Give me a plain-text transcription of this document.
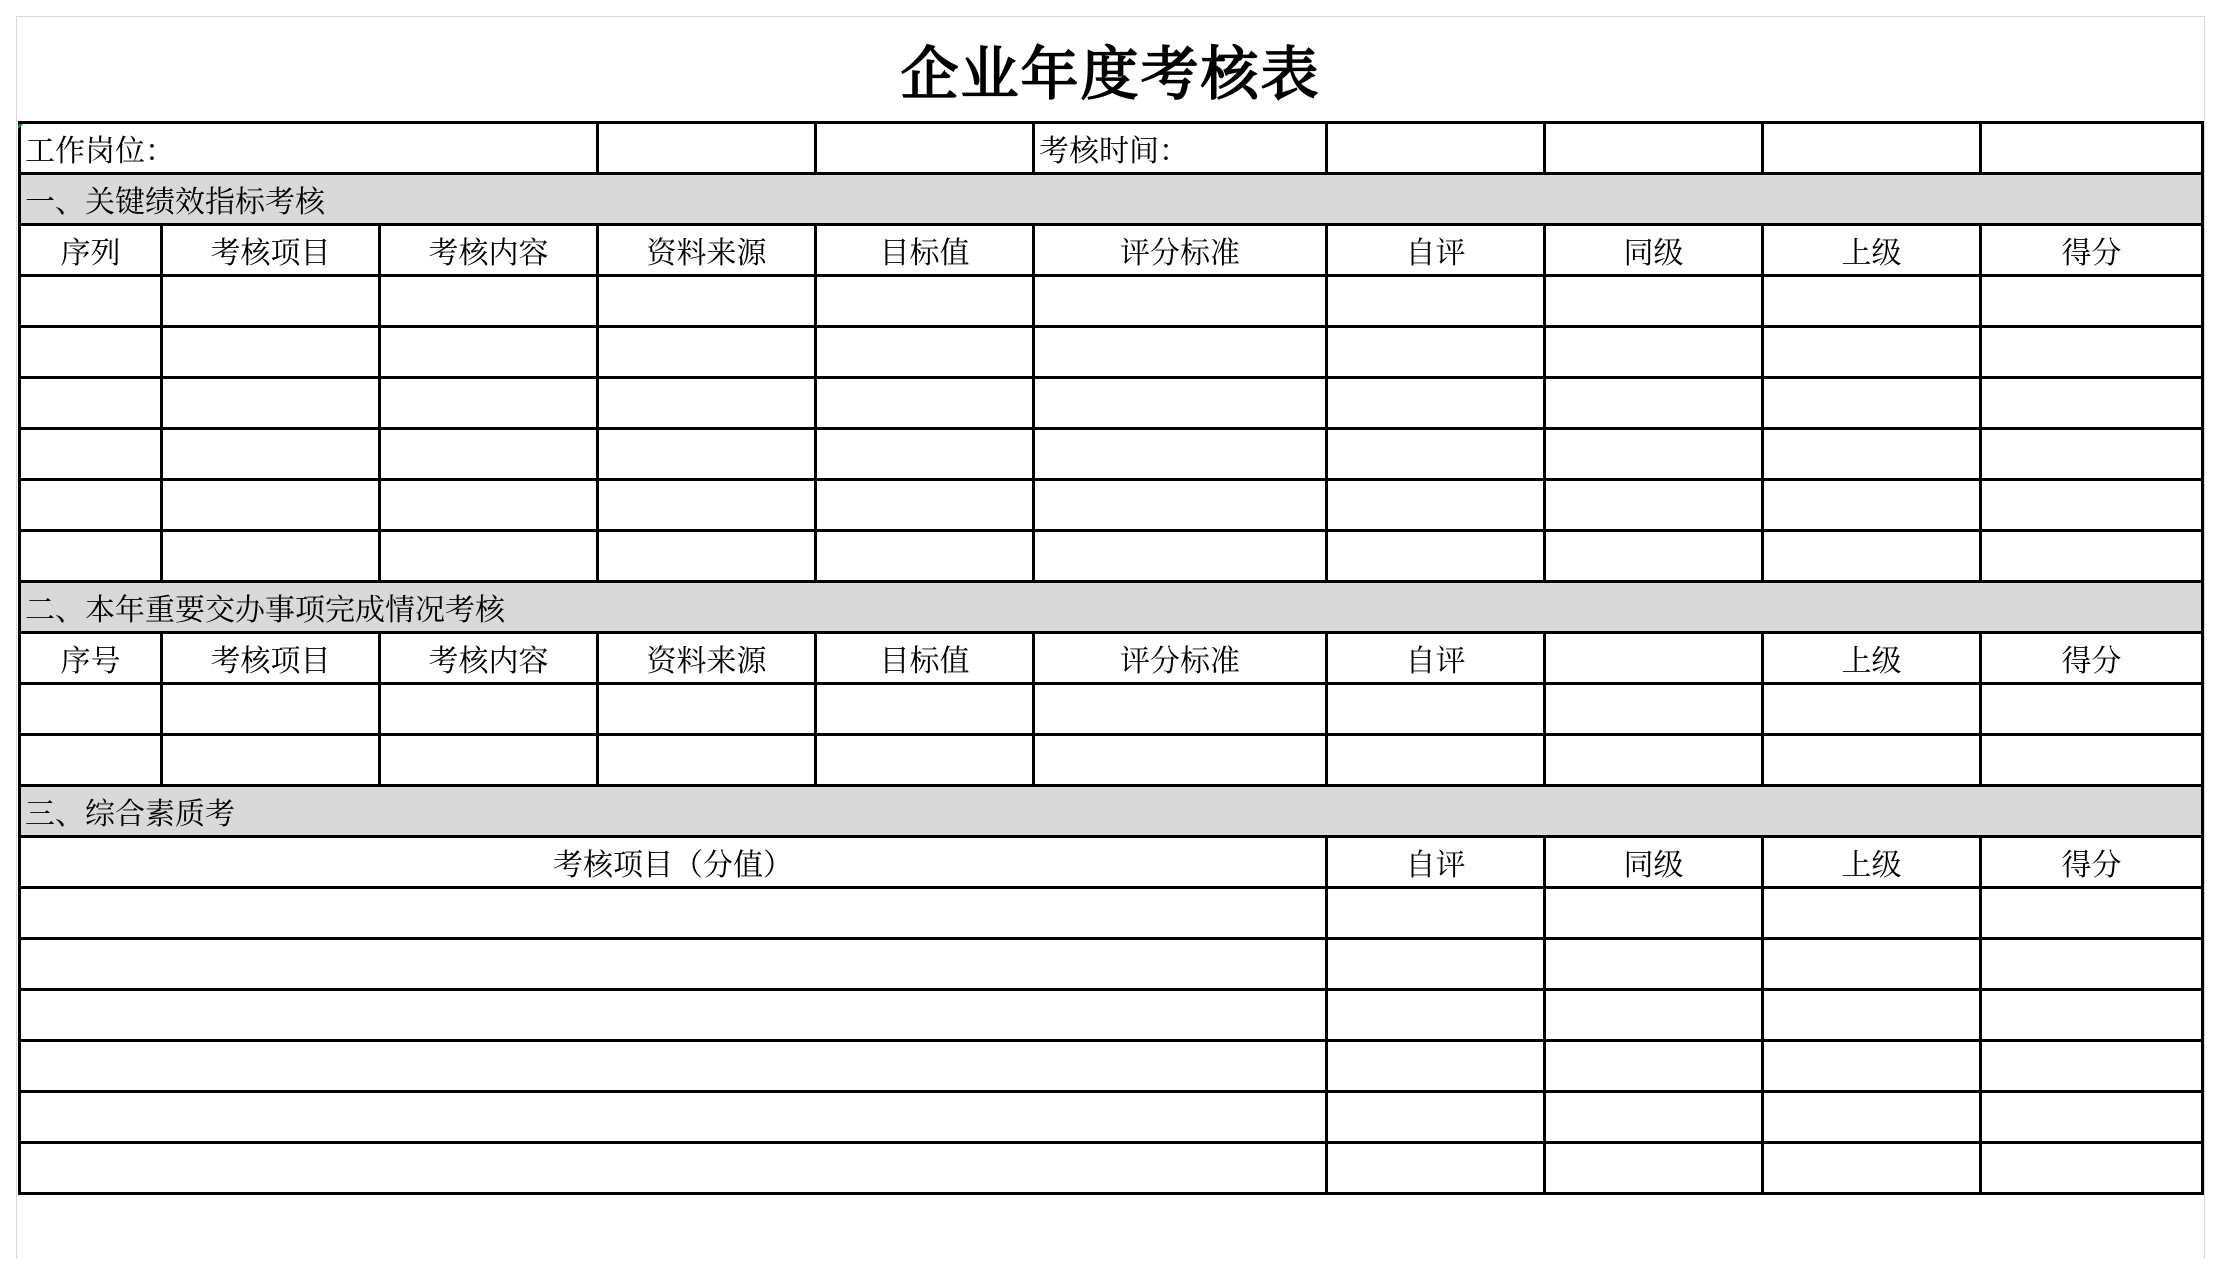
企业年度考核表
工作岗位：					考核时间：				
一、关键绩效指标考核									
序列	考核项目	考核内容	资料来源	目标值	评分标准	自评	同级	上级	得分

二、本年重要交办事项完成情况考核									
序号	考核项目	考核内容	资料来源	目标值	评分标准	自评		上级	得分

三、综合素质考									
考核项目（分值）						自评	同级	上级	得分
